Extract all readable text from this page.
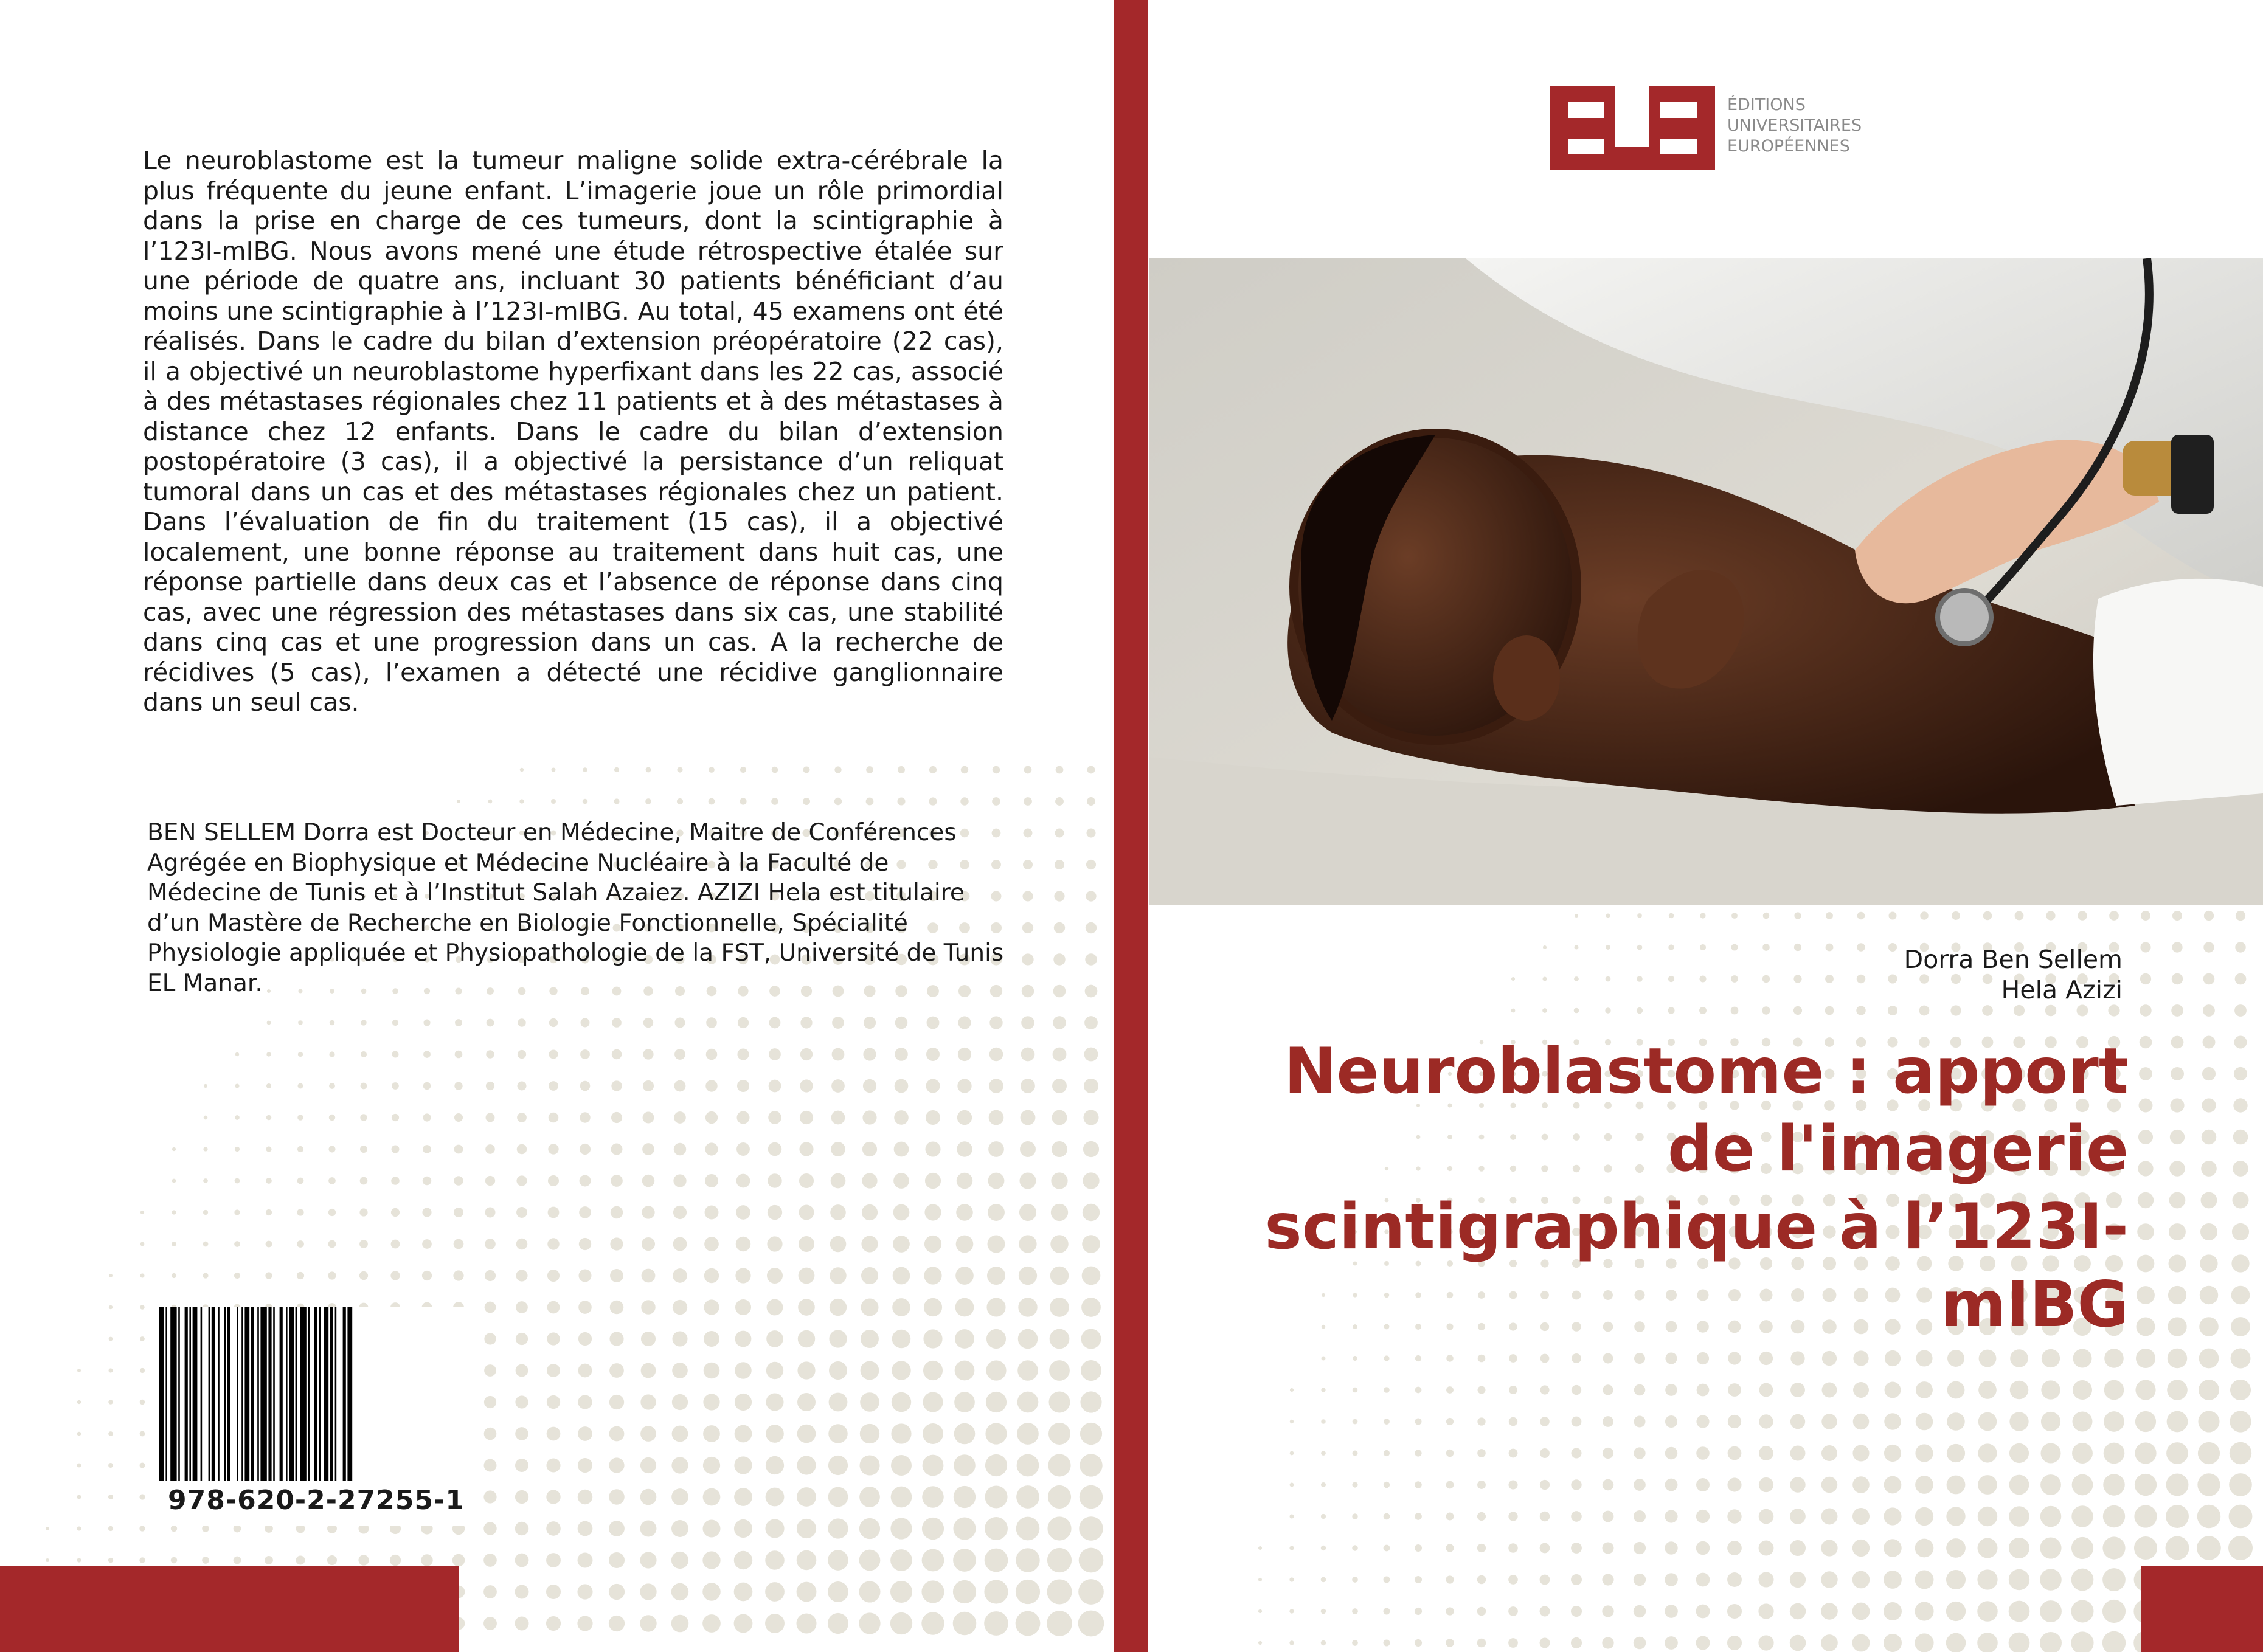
Le neuroblastome est la tumeur maligne solide extra-cérébrale la plus fréquente du jeune enfant. L’imagerie joue un rôle primordial dans la prise en charge de ces tumeurs, dont la scintigraphie à l’123I-mIBG. Nous avons mené une étude rétrospective étalée sur une période de quatre ans, incluant 30 patients bénéficiant d’au moins une scintigraphie à l’123I-mIBG. Au total, 45 examens ont été réalisés. Dans le cadre du bilan d’extension préopératoire (22 cas), il a objectivé un neuroblastome hyperfixant dans les 22 cas, associé à des métastases régionales chez 11 patients et à des métastases à distance chez 12 enfants. Dans le cadre du bilan d’extension postopératoire (3 cas), il a objectivé la persistance d’un reliquat tumoral dans un cas et des métastases régionales chez un patient. Dans l’évaluation de fin du traitement (15 cas), il a objectivé localement, une bonne réponse au traitement dans huit cas, une réponse partielle dans deux cas et l’absence de réponse dans cinq cas, avec une régression des métastases dans six cas, une stabilité dans cinq cas et une progression dans un cas. A la recherche de récidives (5 cas), l’examen a détecté une récidive ganglionnaire dans un seul cas.
BEN SELLEM Dorra est Docteur en Médecine, Maitre de Conférences Agrégée en Biophysique et Médecine Nucléaire à la Faculté de Médecine de Tunis et à l’Institut Salah Azaiez. AZIZI Hela est titulaire d’un Mastère de Recherche en Biologie Fonctionnelle, Spécialité Physiologie appliquée et Physiopathologie de la FST, Université de Tunis EL Manar.
978-620-2-27255-1
ÉDITIONS
UNIVERSITAIRES
EUROPÉENNES
Dorra Ben Sellem
Hela Azizi
Neuroblastome : apport de l'imagerie scintigraphique à l’123I-mIBG
